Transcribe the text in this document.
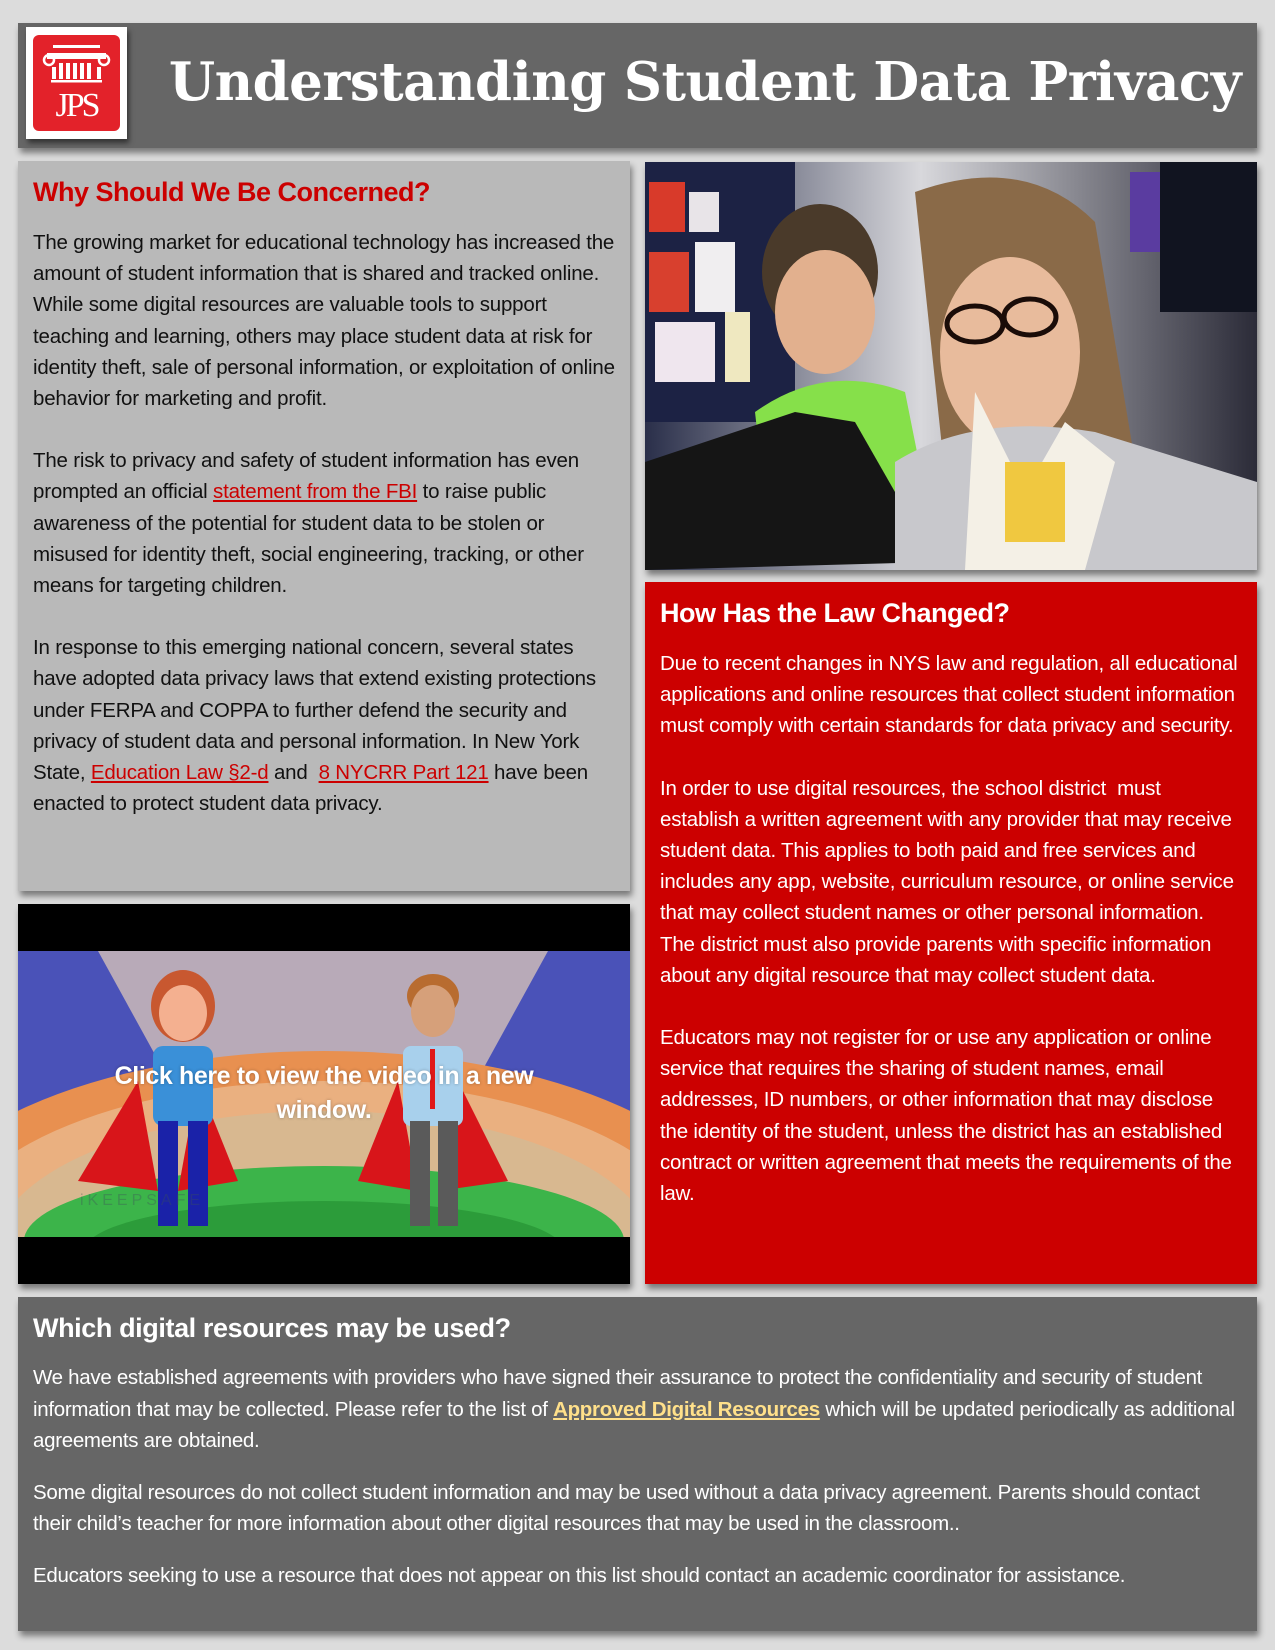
JPS	Understanding Student Data Privacy
Why Should We Be Concerned?

The growing market for educational technology has increased the amount of student information that is shared and tracked online. While some digital resources are valuable tools to support teaching and learning, others may place student data at risk for identity theft, sale of personal information, or exploitation of online behavior for marketing and profit.

The risk to privacy and safety of student information has even prompted an official statement from the FBI to raise public awareness of the potential for student data to be stolen or misused for identity theft, social engineering, tracking, or other means for targeting children.

In response to this emerging national concern, several states have adopted data privacy laws that extend existing protections under FERPA and COPPA to further defend the security and privacy of student data and personal information. In New York State, Education Law §2-d and  8 NYCRR Part 121 have been enacted to protect student data privacy.

How Has the Law Changed?

Due to recent changes in NYS law and regulation, all educational applications and online resources that collect student information must comply with certain standards for data privacy and security.

In order to use digital resources, the school district  must establish a written agreement with any provider that may receive student data. This applies to both paid and free services and includes any app, website, curriculum resource, or online service that may collect student names or other personal information. The district must also provide parents with specific information about any digital resource that may collect student data.

Educators may not register for or use any application or online service that requires the sharing of student names, email addresses, ID numbers, or other information that may disclose the identity of the student, unless the district has an established contract or written agreement that meets the requirements of the law.

Click here to view the video in a new window.
iKEEPSAFE
Which digital resources may be used?

We have established agreements with providers who have signed their assurance to protect the confidentiality and security of student information that may be collected. Please refer to the list of Approved Digital Resources which will be updated periodically as additional agreements are obtained.

Some digital resources do not collect student information and may be used without a data privacy agreement. Parents should contact their child’s teacher for more information about other digital resources that may be used in the classroom..

Educators seeking to use a resource that does not appear on this list should contact an academic coordinator for assistance.
